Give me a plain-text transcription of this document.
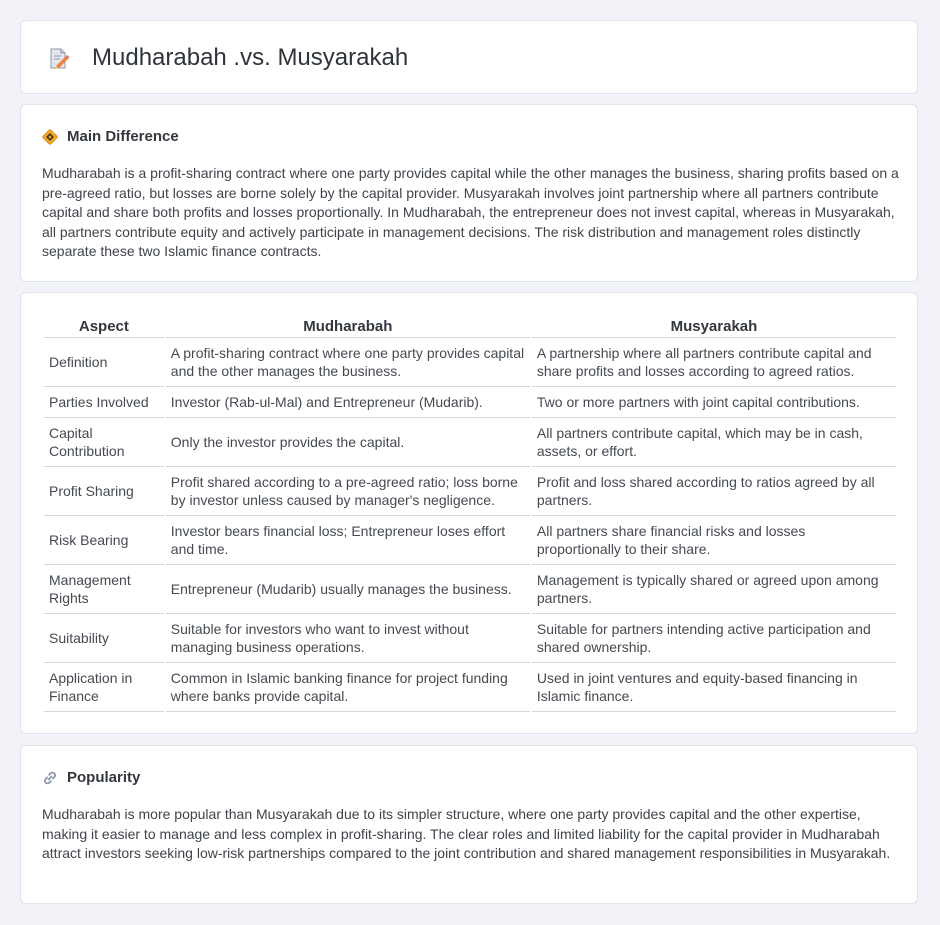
Mudharabah .vs. Musyarakah
Main Difference

Mudharabah is a profit-sharing contract where one party provides capital while the other manages the business, sharing profits based on a pre-agreed ratio, but losses are borne solely by the capital provider. Musyarakah involves joint partnership where all partners contribute capital and share both profits and losses proportionally. In Mudharabah, the entrepreneur does not invest capital, whereas in Musyarakah, all partners contribute equity and actively participate in management decisions. The risk distribution and management roles distinctly separate these two Islamic finance contracts.

Aspect	Mudharabah	Musyarakah
Definition	A profit-sharing contract where one party provides capital and the other manages the business.	A partnership where all partners contribute capital and share profits and losses according to agreed ratios.
Parties Involved	Investor (Rab-ul-Mal) and Entrepreneur (Mudarib).	Two or more partners with joint capital contributions.
Capital Contribution	Only the investor provides the capital.	All partners contribute capital, which may be in cash, assets, or effort.
Profit Sharing	Profit shared according to a pre-agreed ratio; loss borne by investor unless caused by manager's negligence.	Profit and loss shared according to ratios agreed by all partners.
Risk Bearing	Investor bears financial loss; Entrepreneur loses effort and time.	All partners share financial risks and losses proportionally to their share.
Management Rights	Entrepreneur (Mudarib) usually manages the business.	Management is typically shared or agreed upon among partners.
Suitability	Suitable for investors who want to invest without managing business operations.	Suitable for partners intending active participation and shared ownership.
Application in Finance	Common in Islamic banking finance for project funding where banks provide capital.	Used in joint ventures and equity-based financing in Islamic finance.
Popularity

Mudharabah is more popular than Musyarakah due to its simpler structure, where one party provides capital and the other expertise, making it easier to manage and less complex in profit-sharing. The clear roles and limited liability for the capital provider in Mudharabah attract investors seeking low-risk partnerships compared to the joint contribution and shared management responsibilities in Musyarakah.
